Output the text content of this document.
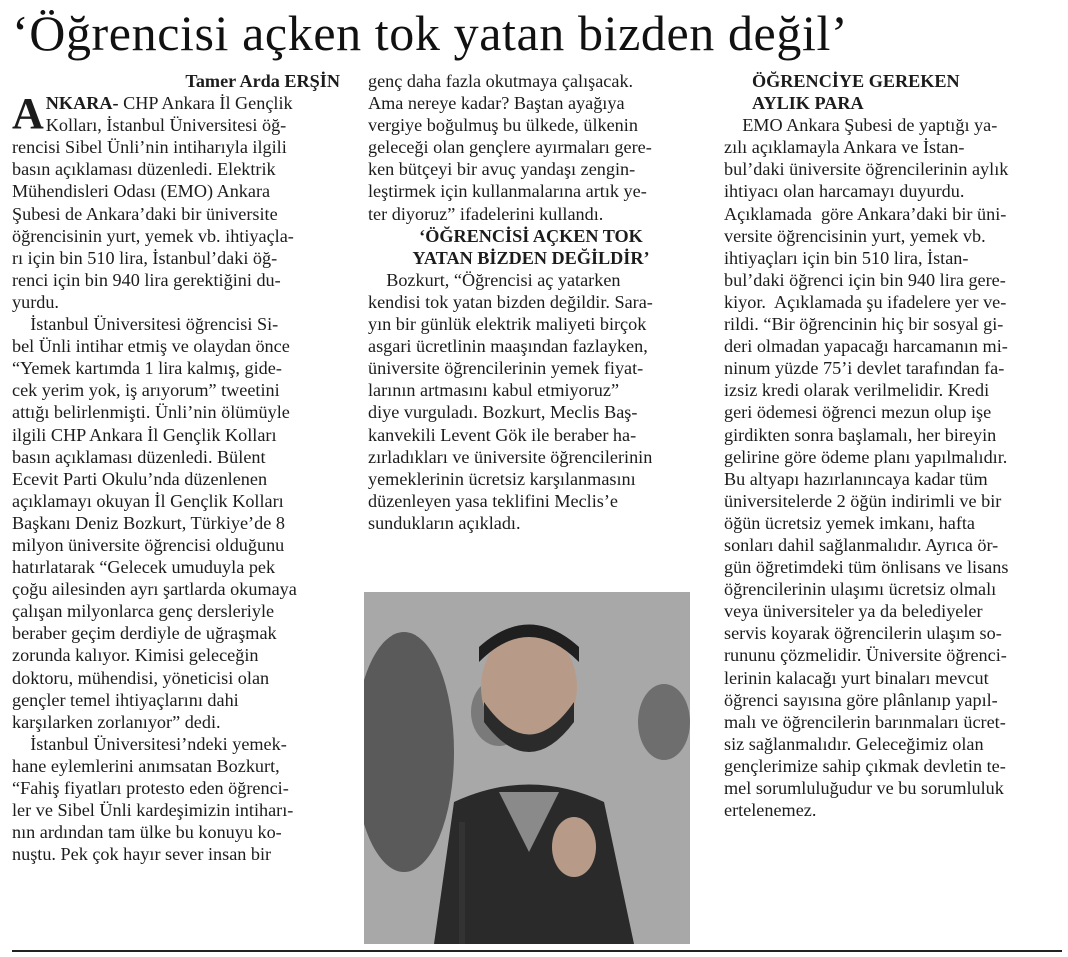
‘Öğrencisi açken tok yatan bizden değil’
Tamer Arda ERŞİN
A NKARA- CHP Ankara İl Gençlik

Kolları, İstanbul Üniversitesi öğ-

rencisi Sibel Ünli’nin intiharıyla ilgili

basın açıklaması düzenledi. Elektrik

Mühendisleri Odası (EMO) Ankara

Şubesi de Ankara’daki bir üniversite

öğrencisinin yurt, yemek vb. ihtiyaçla-

rı için bin 510 lira, İstanbul’daki öğ-

renci için bin 940 lira gerektiğini du-

yurdu.

İstanbul Üniversitesi öğrencisi Si-

bel Ünli intihar etmiş ve olaydan önce

“Yemek kartımda 1 lira kalmış, gide-

cek yerim yok, iş arıyorum” tweetini

attığı belirlenmişti. Ünli’nin ölümüyle

ilgili CHP Ankara İl Gençlik Kolları

basın açıklaması düzenledi. Bülent

Ecevit Parti Okulu’nda düzenlenen

açıklamayı okuyan İl Gençlik Kolları

Başkanı Deniz Bozkurt, Türkiye’de 8

milyon üniversite öğrencisi olduğunu

hatırlatarak “Gelecek umuduyla pek

çoğu ailesinden ayrı şartlarda okumaya

çalışan milyonlarca genç dersleriyle

beraber geçim derdiyle de uğraşmak

zorunda kalıyor. Kimisi geleceğin

doktoru, mühendisi, yöneticisi olan

gençler temel ihtiyaçlarını dahi

karşılarken zorlanıyor” dedi.

İstanbul Üniversitesi’ndeki yemek-

hane eylemlerini anımsatan Bozkurt,

“Fahiş fiyatları protesto eden öğrenci-

ler ve Sibel Ünli kardeşimizin intiharı-

nın ardından tam ülke bu konuyu ko-

nuştu. Pek çok hayır sever insan bir

genç daha fazla okutmaya çalışacak.

Ama nereye kadar? Baştan ayağıya

vergiye boğulmuş bu ülkede, ülkenin

geleceği olan gençlere ayırmaları gere-

ken bütçeyi bir avuç yandaşı zengin-

leştirmek için kullanmalarına artık ye-

ter diyoruz” ifadelerini kullandı.

‘ÖĞRENCİSİ AÇKEN TOK
YATAN BİZDEN DEĞİLDİR’

Bozkurt, “Öğrencisi aç yatarken

kendisi tok yatan bizden değildir. Sara-

yın bir günlük elektrik maliyeti birçok

asgari ücretlinin maaşından fazlayken,

üniversite öğrencilerinin yemek fiyat-

larının artmasını kabul etmiyoruz”

diye vurguladı. Bozkurt, Meclis Baş-

kanvekili Levent Gök ile beraber ha-

zırladıkları ve üniversite öğrencilerinin

yemeklerinin ücretsiz karşılanmasını

düzenleyen yasa teklifini Meclis’e

sundukların açıkladı.

ÖĞRENCİYE GEREKEN
AYLIK PARA

EMO Ankara Şubesi de yaptığı ya-

zılı açıklamayla Ankara ve İstan-

bul’daki üniversite öğrencilerinin aylık

ihtiyacı olan harcamayı duyurdu.

Açıklamada  göre Ankara’daki bir üni-

versite öğrencisinin yurt, yemek vb.

ihtiyaçları için bin 510 lira, İstan-

bul’daki öğrenci için bin 940 lira gere-

kiyor.  Açıklamada şu ifadelere yer ve-

rildi. “Bir öğrencinin hiç bir sosyal gi-

deri olmadan yapacağı harcamanın mi-

ninum yüzde 75’i devlet tarafından fa-

izsiz kredi olarak verilmelidir. Kredi

geri ödemesi öğrenci mezun olup işe

girdikten sonra başlamalı, her bireyin

gelirine göre ödeme planı yapılmalıdır.

Bu altyapı hazırlanıncaya kadar tüm

üniversitelerde 2 öğün indirimli ve bir

öğün ücretsiz yemek imkanı, hafta

sonları dahil sağlanmalıdır. Ayrıca ör-

gün öğretimdeki tüm önlisans ve lisans

öğrencilerinin ulaşımı ücretsiz olmalı

veya üniversiteler ya da belediyeler

servis koyarak öğrencilerin ulaşım so-

rununu çözmelidir. Üniversite öğrenci-

lerinin kalacağı yurt binaları mevcut

öğrenci sayısına göre plânlanıp yapıl-

malı ve öğrencilerin barınmaları ücret-

siz sağlanmalıdır. Geleceğimiz olan

gençlerimize sahip çıkmak devletin te-

mel sorumluluğudur ve bu sorumluluk

ertelenemez.
